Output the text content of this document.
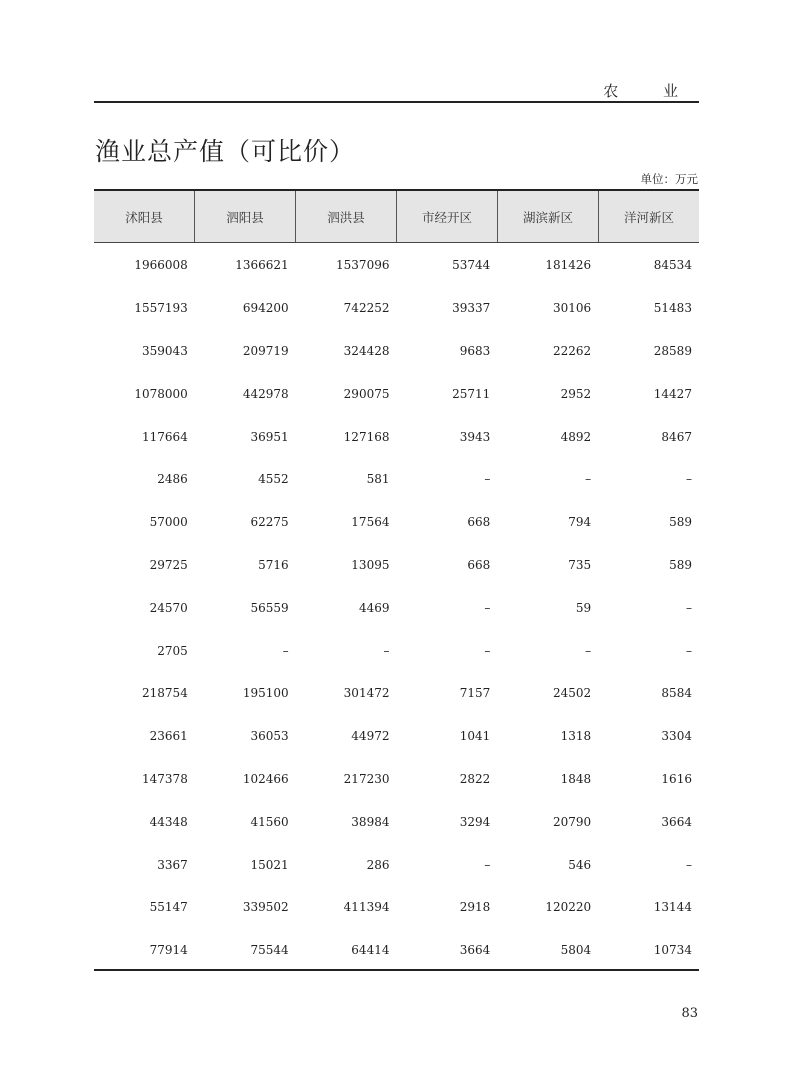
农 业
渔业总产值（可比价）
单位：万元
沭阳县	泗阳县	泗洪县	市经开区	湖滨新区	洋河新区
1966008	1366621	1537096	53744	181426	84534
1557193	694200	742252	39337	30106	51483
359043	209719	324428	9683	22262	28589
1078000	442978	290075	25711	2952	14427
117664	36951	127168	3943	4892	8467
2486	4552	581	–	–	–
57000	62275	17564	668	794	589
29725	5716	13095	668	735	589
24570	56559	4469	–	59	–
2705	–	–	–	–	–
218754	195100	301472	7157	24502	8584
23661	36053	44972	1041	1318	3304
147378	102466	217230	2822	1848	1616
44348	41560	38984	3294	20790	3664
3367	15021	286	–	546	–
55147	339502	411394	2918	120220	13144
77914	75544	64414	3664	5804	10734
83
